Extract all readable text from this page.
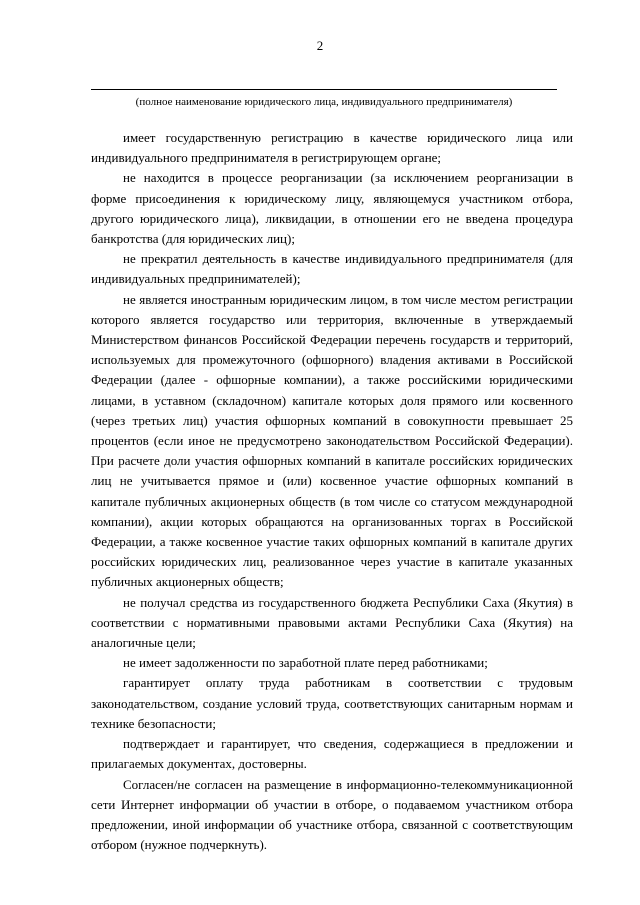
2
(полное наименование юридического лица, индивидуального предпринимателя)

имеет государственную регистрацию в качестве юридического лица или индивидуального предпринимателя в регистрирующем органе;

не находится в процессе реорганизации (за исключением реорганизации в форме присоединения к юридическому лицу, являющемуся участником отбора, другого юридического лица), ликвидации, в отношении его не введена процедура банкротства (для юридических лиц);

не прекратил деятельность в качестве индивидуального предпринимателя (для индивидуальных предпринимателей);

не является иностранным юридическим лицом, в том числе местом регистрации которого является государство или территория, включенные в утверждаемый Министерством финансов Российской Федерации перечень государств и территорий, используемых для промежуточного (офшорного) владения активами в Российской Федерации (далее - офшорные компании), а также российскими юридическими лицами, в уставном (складочном) капитале которых доля прямого или косвенного (через третьих лиц) участия офшорных компаний в совокупности превышает 25 процентов (если иное не предусмотрено законодательством Российской Федерации). При расчете доли участия офшорных компаний в капитале российских юридических лиц не учитывается прямое и (или) косвенное участие офшорных компаний в капитале публичных акционерных обществ (в том числе со статусом международной компании), акции которых обращаются на организованных торгах в Российской Федерации, а также косвенное участие таких офшорных компаний в капитале других российских юридических лиц, реализованное через участие в капитале указанных публичных акционерных обществ;

не получал средства из государственного бюджета Республики Саха (Якутия) в соответствии с нормативными правовыми актами Республики Саха (Якутия) на аналогичные цели;

не имеет задолженности по заработной плате перед работниками;

гарантирует оплату труда работникам в соответствии с трудовым законодательством, создание условий труда, соответствующих санитарным нормам и технике безопасности;

подтверждает и гарантирует, что сведения, содержащиеся в предложении и прилагаемых документах, достоверны.

Согласен/не согласен на размещение в информационно-телекоммуникационной сети Интернет информации об участии в отборе, о подаваемом участником отбора предложении, иной информации об участнике отбора, связанной с соответствующим отбором (нужное подчеркнуть).
